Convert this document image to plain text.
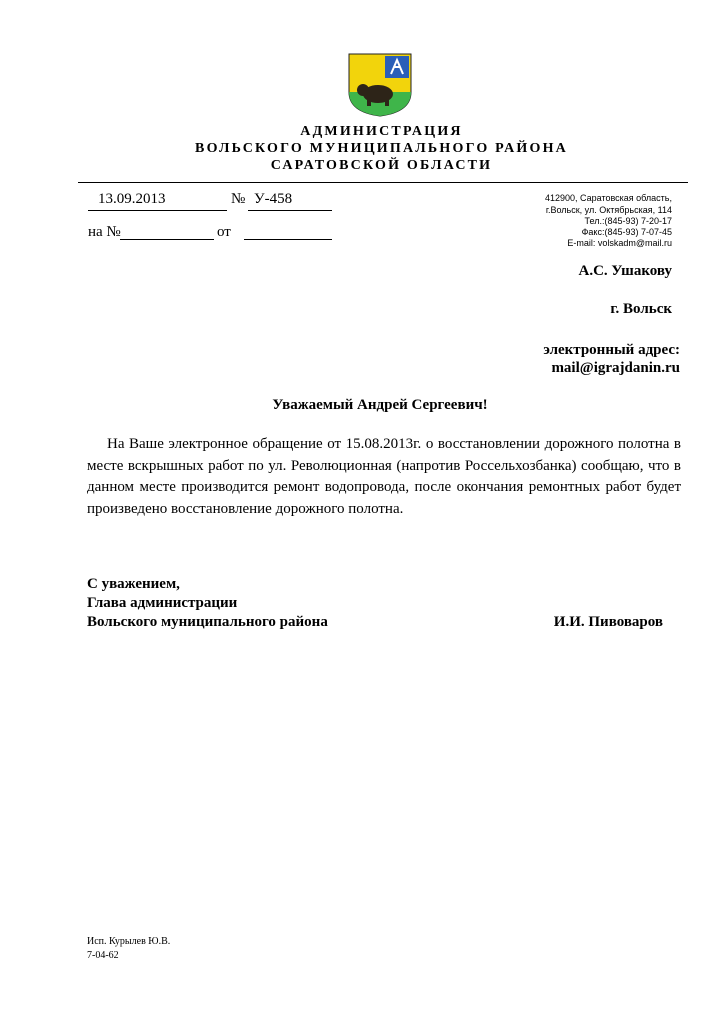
АДМИНИСТРАЦИЯ
ВОЛЬСКОГО МУНИЦИПАЛЬНОГО РАЙОНА
САРАТОВСКОЙ ОБЛАСТИ
13.09.2013	№ У-458
на №	от
412900, Саратовская область,
г.Вольск, ул. Октябрьская, 114
Тел.:(845-93) 7-20-17
Факс:(845-93) 7-07-45
E-mail: volskadm@mail.ru
А.С. Ушакову
г. Вольск
электронный адрес:
mail@igrajdanin.ru
Уважаемый Андрей Сергеевич!
На Ваше электронное обращение от 15.08.2013г. о восстановлении дорожного полотна в месте вскрышных работ по ул. Революционная (напротив Россельхозбанка) сообщаю, что в данном месте производится ремонт водопровода, после окончания ремонтных работ будет произведено восстановление дорожного полотна.
С уважением,
Глава администрации
Вольского муниципального района	И.И. Пивоваров
Исп. Курылев Ю.В.
7-04-62
